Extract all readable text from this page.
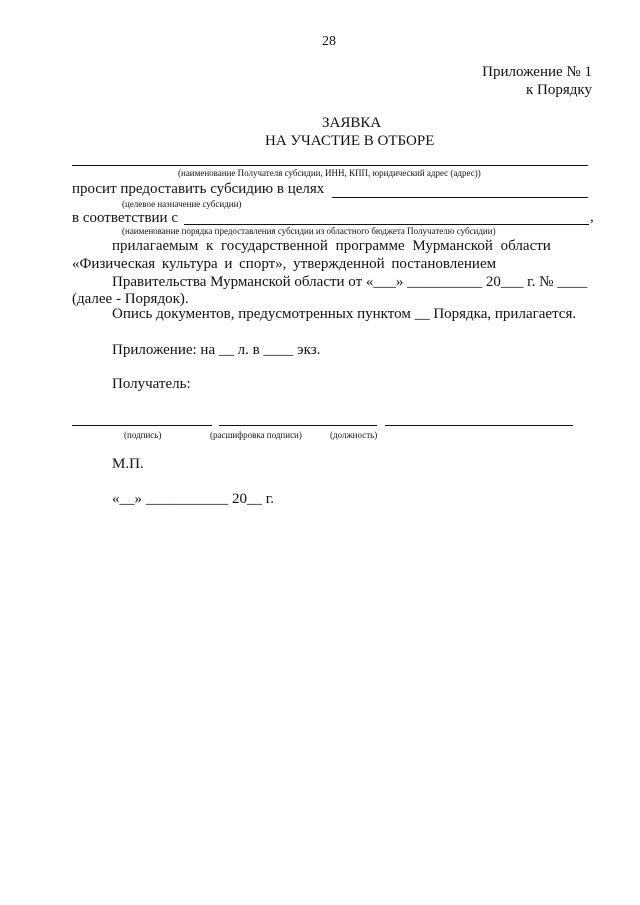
28
Приложение № 1
к Порядку
ЗАЯВКА
НА УЧАСТИЕ В ОТБОРЕ
(наименование Получателя субсидии, ИНН, КПП, юридический адрес (адрес))
просит предоставить субсидию в целях
(целевое назначение субсидии)
в соответствии с	,
(наименование порядка предоставления субсидии из областного бюджета Получателю субсидии)
прилагаемым к государственной программе Мурманской области
«Физическая культура и спорт», утвержденной постановлением
Правительства Мурманской области от «___» __________ 20___ г. № ____
(далее - Порядок).
Опись документов, предусмотренных пунктом __ Порядка, прилагается.
Приложение: на __ л. в ____ экз.
Получатель:
(подпись)	(расшифровка подписи)	(должность)
М.П.
«__» ___________ 20__ г.
